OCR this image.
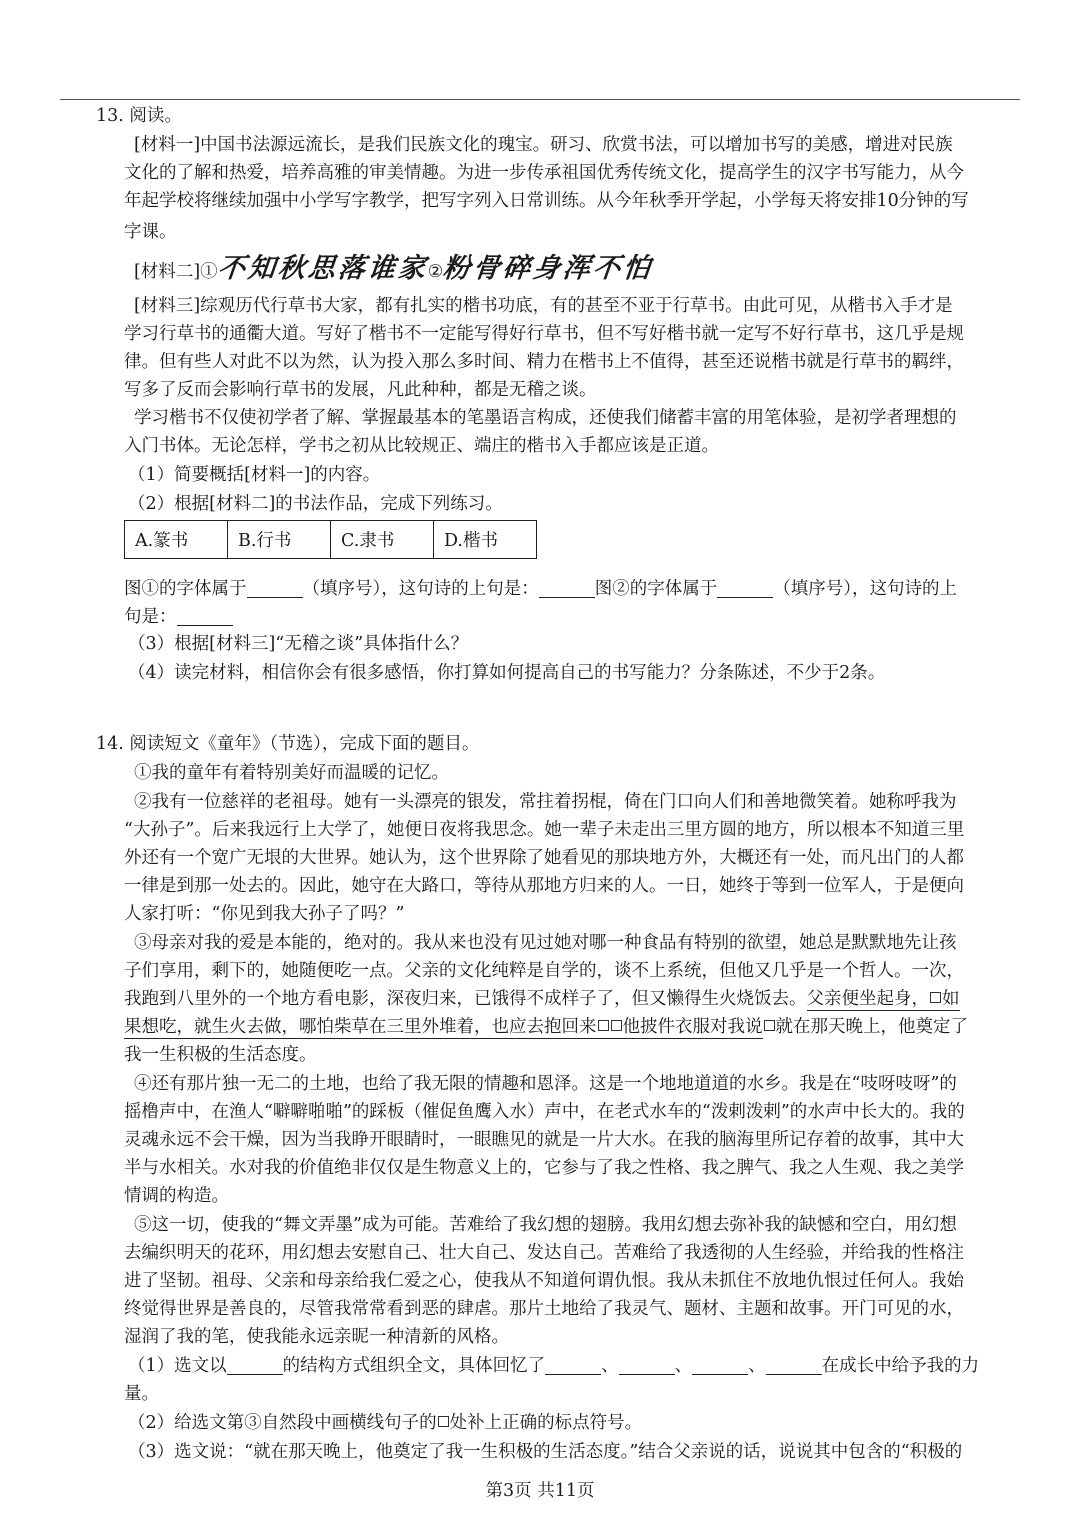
13. 阅读。
[材料一]中国书法源远流长，是我们民族文化的瑰宝。研习、欣赏书法，可以增加书写的美感，增进对民族
文化的了解和热爱，培养高雅的审美情趣。为进一步传承祖国优秀传统文化，提高学生的汉字书写能力，从今
年起学校将继续加强中小学写字教学，把写字列入日常训练。从今年秋季开学起，小学每天将安排10分钟的写
字课。
[材料二]①不知秋思落谁家②粉骨碎身浑不怕
[材料三]综观历代行草书大家，都有扎实的楷书功底，有的甚至不亚于行草书。由此可见，从楷书入手才是
学习行草书的通衢大道。写好了楷书不一定能写得好行草书，但不写好楷书就一定写不好行草书，这几乎是规
律。但有些人对此不以为然，认为投入那么多时间、精力在楷书上不值得，甚至还说楷书就是行草书的羁绊，
写多了反而会影响行草书的发展，凡此种种，都是无稽之谈。
学习楷书不仅使初学者了解、掌握最基本的笔墨语言构成，还使我们储蓄丰富的用笔体验，是初学者理想的
入门书体。无论怎样，学书之初从比较规正、端庄的楷书入手都应该是正道。
（1）简要概括[材料一]的内容。
（2）根据[材料二]的书法作品，完成下列练习。
A.篆书	B.行书	C.隶书	D.楷书
图①的字体属于	（填序号），这句诗的上句是：	图②的字体属于	（填序号），这句诗的上
句是：
（3）根据[材料三]“无稽之谈”具体指什么？
（4）读完材料，相信你会有很多感悟，你打算如何提高自己的书写能力？分条陈述，不少于2条。
14. 阅读短文《童年》（节选），完成下面的题目。
①我的童年有着特别美好而温暖的记忆。
②我有一位慈祥的老祖母。她有一头漂亮的银发，常拄着拐棍，倚在门口向人们和善地微笑着。她称呼我为
“大孙子”。后来我远行上大学了，她便日夜将我思念。她一辈子未走出三里方圆的地方，所以根本不知道三里
外还有一个宽广无垠的大世界。她认为，这个世界除了她看见的那块地方外，大概还有一处，而凡出门的人都
一律是到那一处去的。因此，她守在大路口，等待从那地方归来的人。一日，她终于等到一位军人，于是便向
人家打听：“你见到我大孙子了吗？”
③母亲对我的爱是本能的，绝对的。我从来也没有见过她对哪一种食品有特别的欲望，她总是默默地先让孩
子们享用，剩下的，她随便吃一点。父亲的文化纯粹是自学的，谈不上系统，但他又几乎是一个哲人。一次，
我跑到八里外的一个地方看电影，深夜归来，已饿得不成样子了，但又懒得生火烧饭去。父亲便坐起身， 如
果想吃，就生火去做，哪怕柴草在三里外堆着，也应去抱回来 他披件衣服对我说 就在那天晚上，他奠定了
我一生积极的生活态度。
④还有那片独一无二的土地，也给了我无限的情趣和恩泽。这是一个地地道道的水乡。我是在“吱呀吱呀”的
摇橹声中，在渔人“噼噼啪啪”的踩板（催促鱼鹰入水）声中，在老式水车的“泼剌泼剌”的水声中长大的。我的
灵魂永远不会干燥，因为当我睁开眼睛时，一眼瞧见的就是一片大水。在我的脑海里所记存着的故事，其中大
半与水相关。水对我的价值绝非仅仅是生物意义上的，它参与了我之性格、我之脾气、我之人生观、我之美学
情调的构造。
⑤这一切，使我的“舞文弄墨”成为可能。苦难给了我幻想的翅膀。我用幻想去弥补我的缺憾和空白，用幻想
去编织明天的花环，用幻想去安慰自己、壮大自己、发达自己。苦难给了我透彻的人生经验，并给我的性格注
进了坚韧。祖母、父亲和母亲给我仁爱之心，使我从不知道何谓仇恨。我从未抓住不放地仇恨过任何人。我始
终觉得世界是善良的，尽管我常常看到恶的肆虐。那片土地给了我灵气、题材、主题和故事。开门可见的水，
湿润了我的笔，使我能永远亲昵一种清新的风格。
（1）选文以	的结构方式组织全文，具体回忆了	、	、	、	在成长中给予我的力
量。
（2）给选文第③自然段中画横线句子的 处补上正确的标点符号。
（3）选文说：“就在那天晚上，他奠定了我一生积极的生活态度。”结合父亲说的话，说说其中包含的“积极的
第3页 共11页
